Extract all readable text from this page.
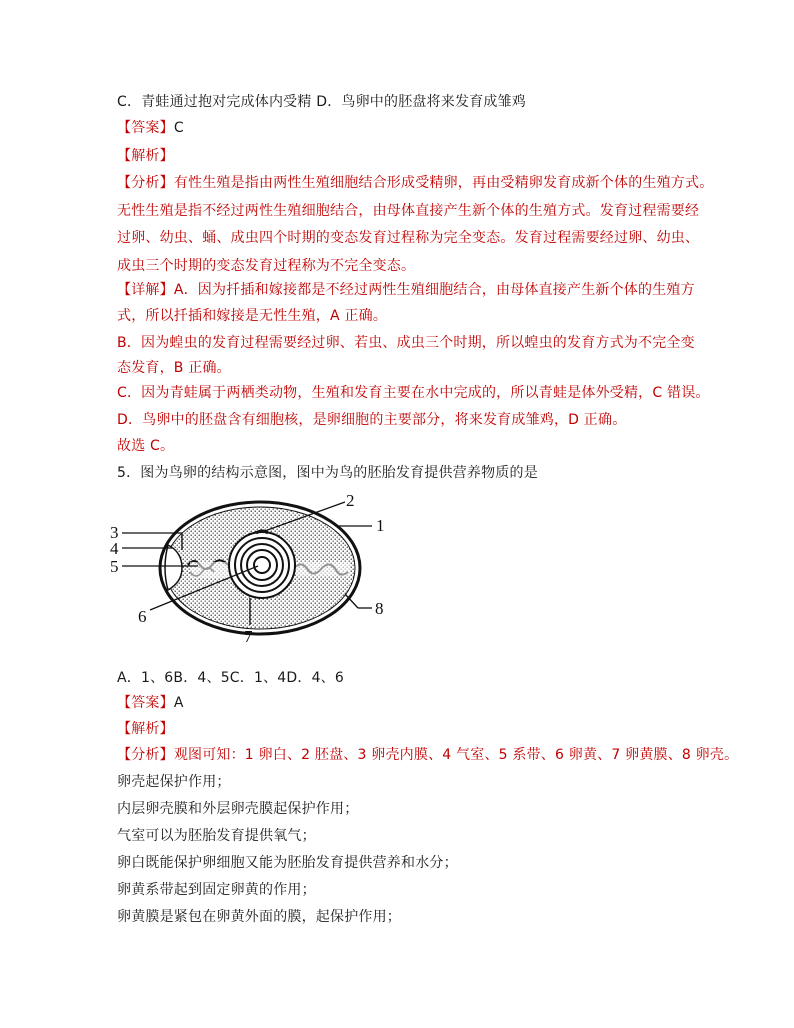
C．青蛙通过抱对完成体内受精 D．鸟卵中的胚盘将来发育成雏鸡
【答案】C
【解析】
【分析】有性生殖是指由两性生殖细胞结合形成受精卵，再由受精卵发育成新个体的生殖方式。
无性生殖是指不经过两性生殖细胞结合，由母体直接产生新个体的生殖方式。发育过程需要经
过卵、幼虫、蛹、成虫四个时期的变态发育过程称为完全变态。发育过程需要经过卵、幼虫、
成虫三个时期的变态发育过程称为不完全变态。
【详解】A．因为扦插和嫁接都是不经过两性生殖细胞结合，由母体直接产生新个体的生殖方
式，所以扦插和嫁接是无性生殖，A 正确。
B．因为蝗虫的发育过程需要经过卵、若虫、成虫三个时期，所以蝗虫的发育方式为不完全变
态发育，B 正确。
C．因为青蛙属于两栖类动物，生殖和发育主要在水中完成的，所以青蛙是体外受精，C 错误。
D．鸟卵中的胚盘含有细胞核，是卵细胞的主要部分，将来发育成雏鸡，D 正确。
故选 C。
5．图为鸟卵的结构示意图，图中为鸟的胚胎发育提供营养物质的是
1
2
3
4
5
6
7
8
A．1、6B．4、5C．1、4D．4、6
【答案】A
【解析】
【分析】观图可知：1 卵白、2 胚盘、3 卵壳内膜、4 气室、5 系带、6 卵黄、7 卵黄膜、8 卵壳。
卵壳起保护作用；
内层卵壳膜和外层卵壳膜起保护作用；
气室可以为胚胎发育提供氧气；
卵白既能保护卵细胞又能为胚胎发育提供营养和水分；
卵黄系带起到固定卵黄的作用；
卵黄膜是紧包在卵黄外面的膜，起保护作用；
